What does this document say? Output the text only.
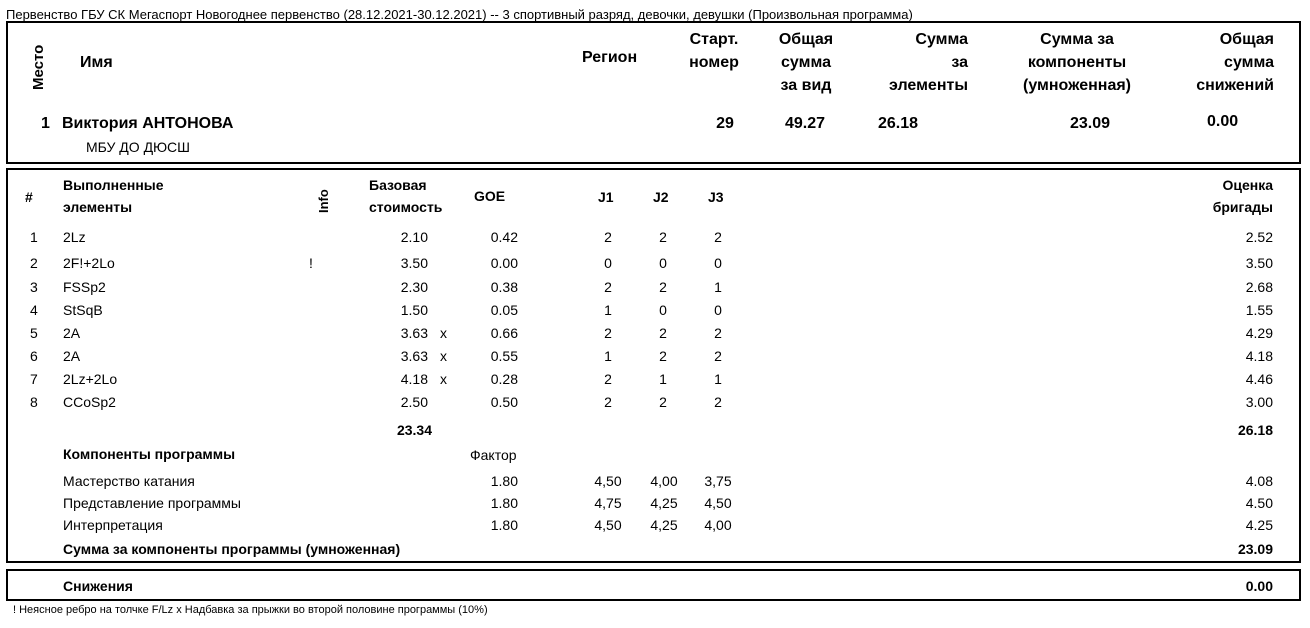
Первенство ГБУ СК Мегаспорт Новогоднее первенство (28.12.2021-30.12.2021) -- 3 спортивный разряд, девочки, девушки (Произвольная программа)
Место Имя	Регион
Старт.
номер
Общая
сумма
за вид
Сумма
за
элементы
Сумма за
компоненты
(умноженная)
Общая
сумма
снижений
1 Виктория АНТОНОВА
МБУ ДО ДЮСШ
29	49.27	26.18	23.09	0.00
#
Выполненные
элементы	Info
Базовая
стоимость
GOE	J1	J2	J3
Оценка
бригады
1	2Lz	2.10	0.42	2	2	2	2.52
2	2F!+2Lo	!	3.50	0.00	0	0	0	3.50
3	FSSp2	2.30	0.38	2	2	1	2.68
4	StSqB	1.50	0.05	1	0	0	1.55
5	2A	3.63 x	0.66	2	2	2	4.29
6	2A	3.63 x	0.55	1	2	2	4.18
7	2Lz+2Lo	4.18 x	0.28	2	1	1	4.46
8	CCoSp2	2.50	0.50	2	2	2	3.00
23.34	26.18
Компоненты программы	Фактор
Мастерство катания	1.80	4,50	4,00	3,75	4.08
Представление программы	1.80	4,75	4,25	4,50	4.50
Интерпретация	1.80	4,50	4,25	4,00	4.25
Сумма за компоненты программы (умноженная)	23.09
Снижения	0.00
! Неясное ребро на толчке F/Lz x Надбавка за прыжки во второй половине программы (10%)
